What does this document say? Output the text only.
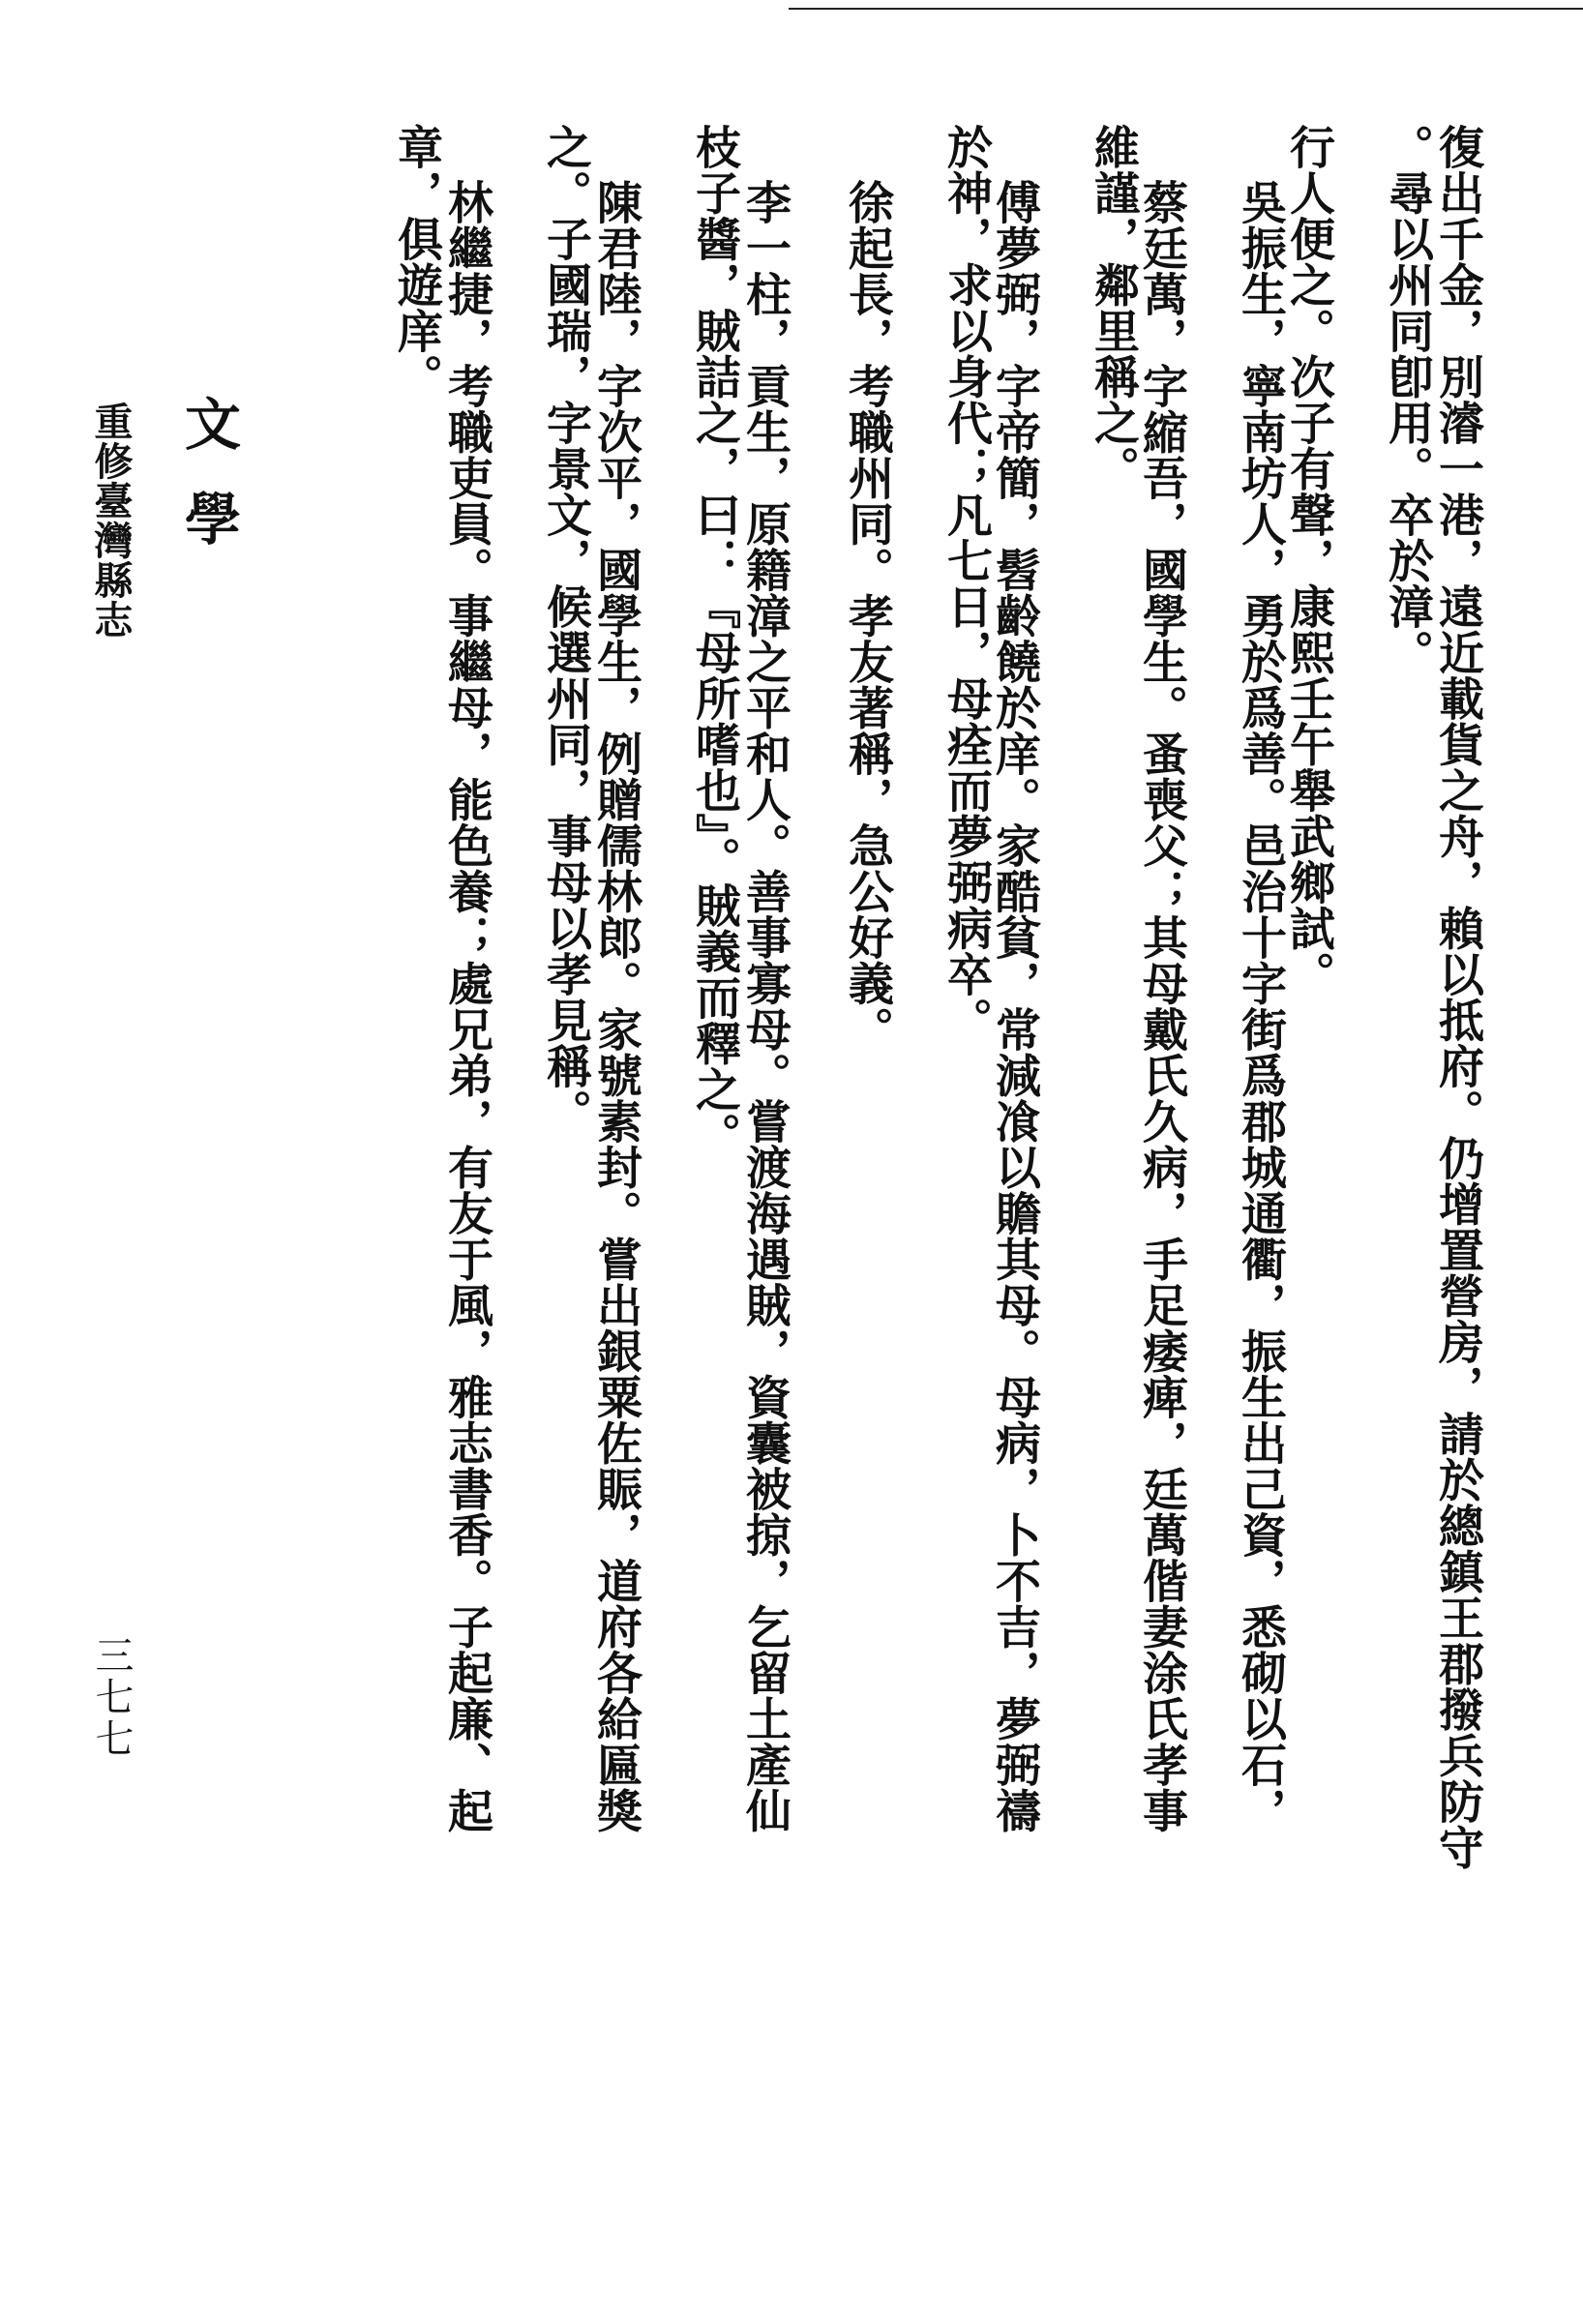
復出千金，別濬一港，遠近載貨之舟，賴以抵府。仍增置營房，請於總鎮王郡撥兵防守
。尋以州同卽用。卒於漳。
行人便之。次子有聲，康熙壬午舉武鄉試。
吳振生，寧南坊人，勇於爲善。邑治十字街爲郡城通衢，振生出己資，悉砌以石，
蔡廷萬，字縮吾，國學生。蚤喪父；其母戴氏久病，手足痿痺，廷萬偕妻涂氏孝事
維謹，鄰里稱之。
傅夢弼，字帝簡，髫齡饒於庠。家酷貧，常減飡以贍其母。母病，卜不吉，夢弼禱
於神，求以身代；凡七日，母痊而夢弼病卒。
徐起長，考職州同。孝友著稱，急公好義。
李一柱，貢生，原籍漳之平和人。善事寡母。嘗渡海遇賊，資囊被掠，乞留土產仙
枝子醬，賊詰之，曰：『母所嗜也』。賊義而釋之。
陳君陸，字次平，國學生，例贈儒林郎。家號素封。嘗出銀粟佐賑，道府各給匾獎
之。子國瑞，字景文，候選州同，事母以孝見稱。
林繼捷，考職吏員。事繼母，能色養；處兄弟，有友于風，雅志書香。子起廉、起
章，俱遊庠。
文學
重修臺灣縣志
三七七
